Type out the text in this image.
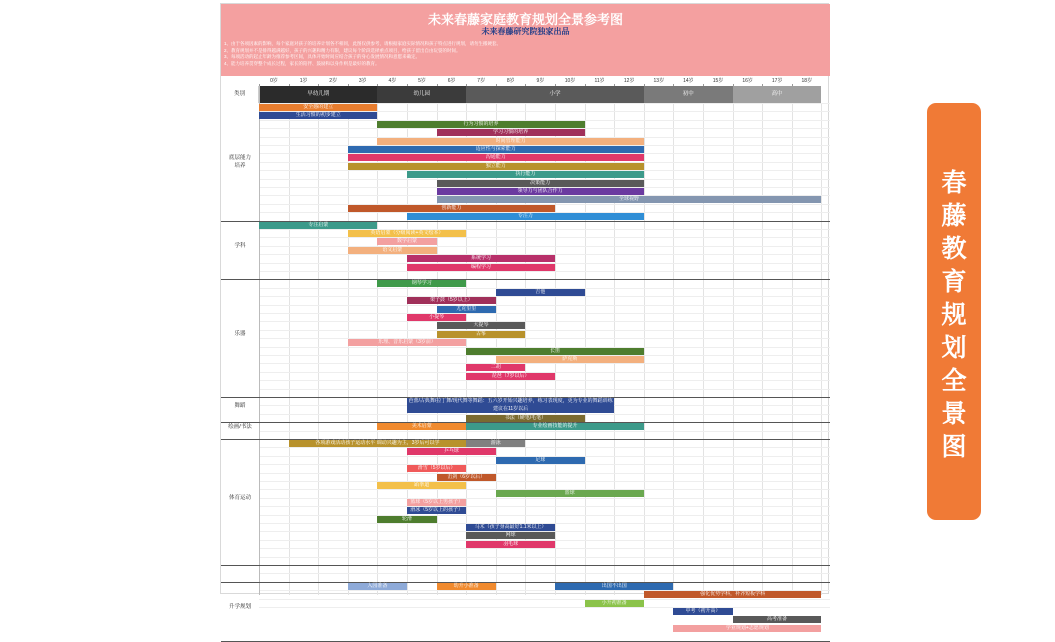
未来春藤家庭教育规划全景参考图
未来春藤研究院独家出品
1、由于各项因素的影响，每个家庭对孩子的培养计划各不相同，此图仅供参考，请根据家庭实际情况和孩子特点进行规划，请勿生搬硬套。
2、教育规划并不是排得越满越好，孩子的兴趣和精力有限，建议每个阶段选择重点项目，给孩子留出自由玩耍的时间。
3、每项活动的起止年龄为推荐参考区间，具体开始时间应结合孩子的身心发展情况和意愿来确定。
4、能力培养贯穿整个成长过程，家长的陪伴、鼓励和以身作则是最好的教育。
0岁	1岁	2岁	3岁	4岁	5岁	6岁	7岁	8岁	9岁	10岁	11岁	12岁	13岁	14岁	15岁	16岁	17岁	18岁
类别	早幼儿期	幼儿园	小学	初中	高中
底层能力
培养
学科
乐器
舞蹈
绘画/书法
体育运动
升学规划
安全感的建立
生活习惯的初步建立
行为习惯的培养
学习习惯的培养
时间管理能力
适应性与探索能力
沟通能力
独立能力
执行能力
决策能力
领导力与团队合作力
全球视野
创新能力
专注力
专注启蒙
英语启蒙（分级阅读+英文绘本）
数学启蒙
语文启蒙
系统学习
编程学习
钢琴学习
吉他
架子鼓（5岁以上）
尤克里里
小提琴
大提琴
古筝
乐理、音乐启蒙（3岁前）
长笛
萨克斯
二胡
琵琶（7岁以后）
芭蕾/古典舞/拉丁舞/现代舞等舞蹈：五六岁开始兴趣培养，练习表现度，更为专业的舞蹈训练建议在11岁以后
书法（硬笔/毛笔）
美术启蒙	专业绘画技能的提升
各项游戏活动孩子运动水平 调动兴趣为主，3岁后可以学	游泳
乒乓球
足球
滑雪（5岁以后）
击剑（6岁以后）
跆拳道
篮球
篮球（5岁以上男孩子）
滑冰（5岁以上的孩子）
轮滑
马术（孩子身高最好1.1米以上）
网球
羽毛球
入园准备	幼升小准备	出国不出国
强化优势学科，补齐短板学科
小升初准备
中考（初升高）
高考准备
学业规划+志愿规划
春藤教育规划全景图
